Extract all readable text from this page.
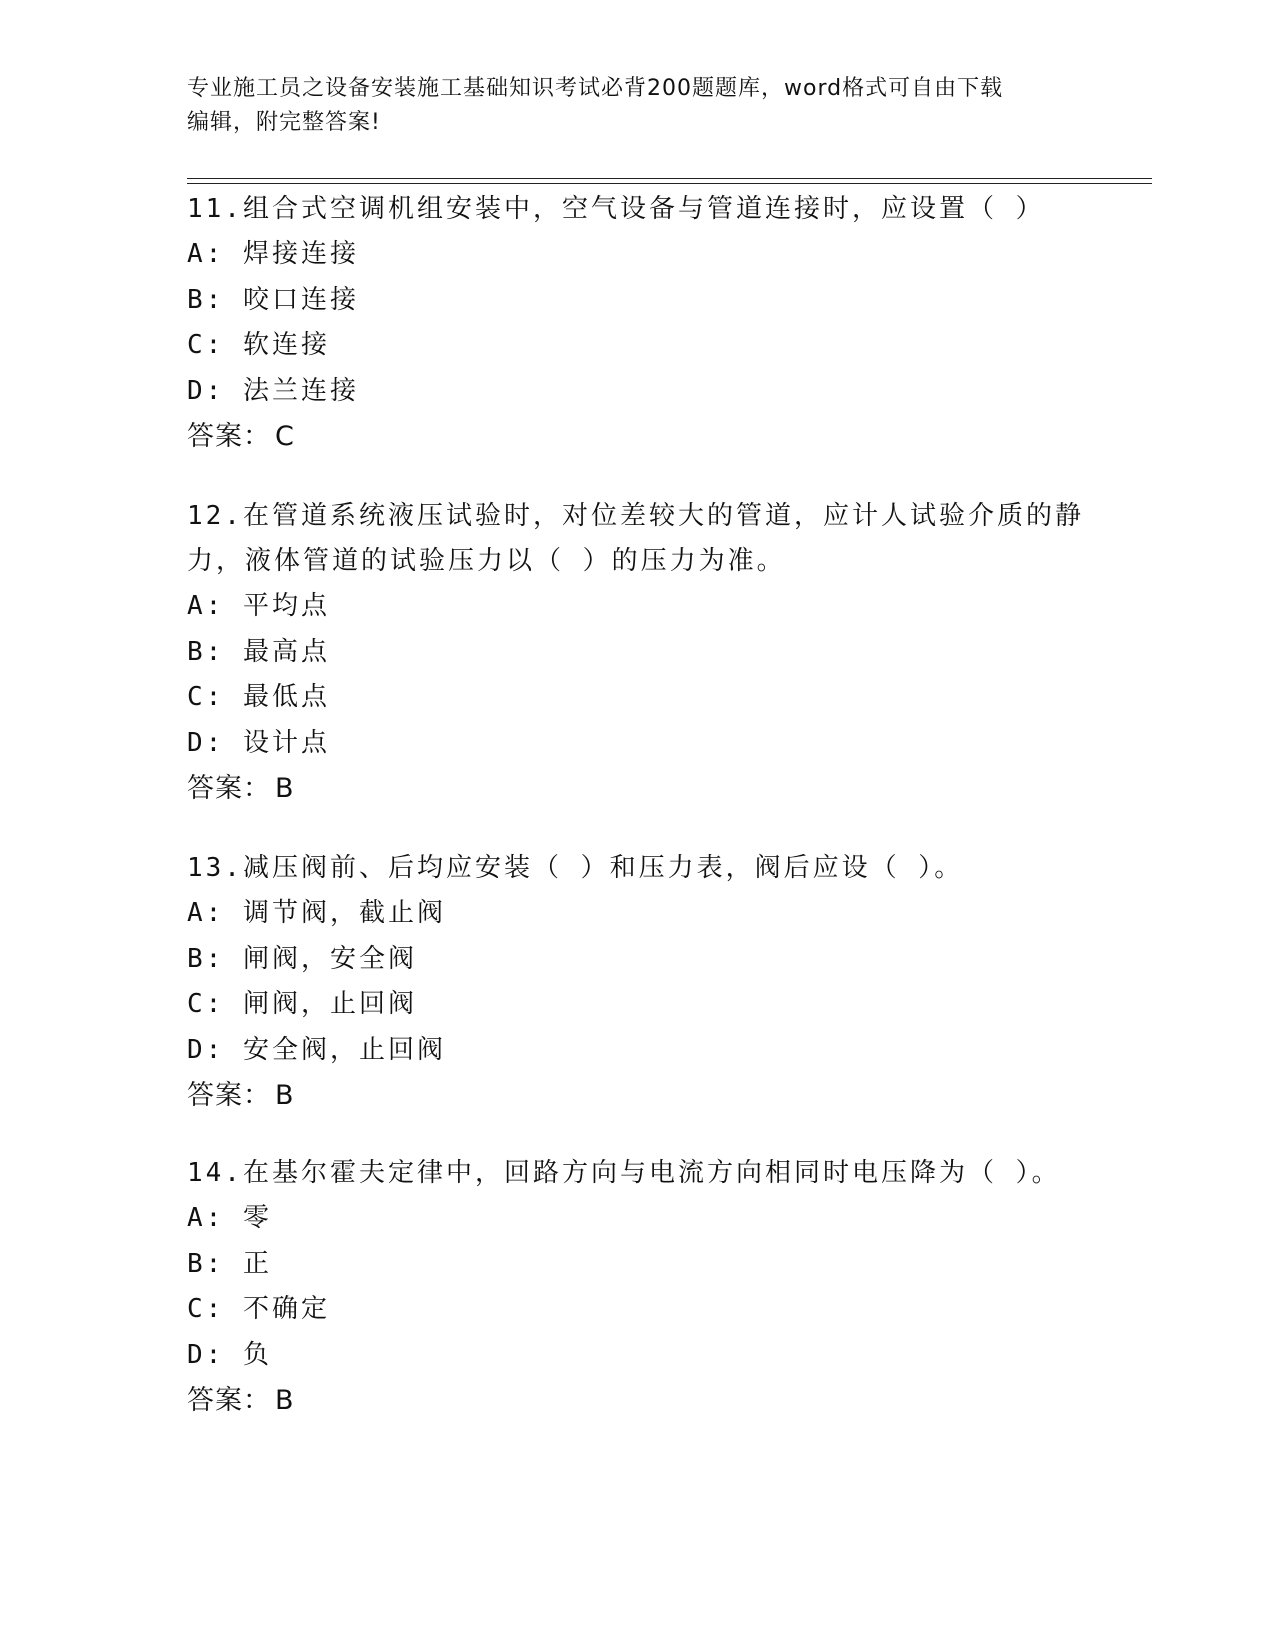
专业施工员之设备安装施工基础知识考试必背200题题库，word格式可自由下载
编辑，附完整答案!

11.组合式空调机组安装中，空气设备与管道连接时，应设置（ ）

A: 焊接连接

B: 咬口连接

C: 软连接

D: 法兰连接

答案： C

12.在管道系统液压试验时，对位差较大的管道，应计人试验介质的静

力，液体管道的试验压力以（ ）的压力为准。

A: 平均点

B: 最高点

C: 最低点

D: 设计点

答案： B

13.减压阀前、后均应安装（ ）和压力表，阀后应设（ ）。

A: 调节阀，截止阀

B: 闸阀，安全阀

C: 闸阀，止回阀

D: 安全阀，止回阀

答案： B

14.在基尔霍夫定律中，回路方向与电流方向相同时电压降为（ ）。

A: 零

B: 正

C: 不确定

D: 负

答案： B
